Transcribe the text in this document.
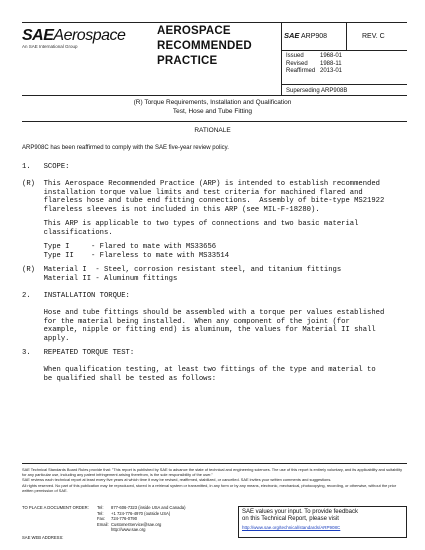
SAEAerospace
An SAE International Group
AEROSPACE
RECOMMENDED
PRACTICE
SAE ARP908	REV. C
Issued	1968-01
Revised 1988-11
Reaffirmed 2013-01
Superseding ARP908B
(R) Torque Requirements, Installation and Qualification
Test, Hose and Tube Fitting
RATIONALE
ARP908C has been reaffirmed to comply with the SAE five-year review policy.
1.   SCOPE:
(R)  This Aerospace Recommended Practice (ARP) is intended to establish recommended
installation torque value limits and test criteria for machined flared and
flareless hose and tube end fitting connections.  Assembly of bite-type MS21922
flareless sleeves is not included in this ARP (see MIL-F-18280).
This ARP is applicable to two types of connections and two basic material
classifications.
Type I     - Flared to mate with MS33656
Type II    - Flareless to mate with MS33514
(R)  Material I  - Steel, corrosion resistant steel, and titanium fittings
Material II - Aluminum fittings
2.   INSTALLATION TORQUE:
Hose and tube fittings should be assembled with a torque per values established
for the material being installed.  When any component of the joint (for
example, nipple or fitting end) is aluminum, the values for Material II shall
apply.
3.   REPEATED TORQUE TEST:
When qualification testing, at least two fittings of the type and material to
be qualified shall be tested as follows:
SAE Technical Standards Board Rules provide that: "This report is published by SAE to advance the state of technical and engineering sciences. The use of this report is entirely voluntary, and its applicability and suitability for any particular use, including any patent infringement arising therefrom, is the sole responsibility of the user."
SAE reviews each technical report at least every five years at which time it may be revised, reaffirmed, stabilized, or cancelled. SAE invites your written comments and suggestions.
All rights reserved. No part of this publication may be reproduced, stored in a retrieval system or transmitted, in any form or by any means, electronic, mechanical, photocopying, recording, or otherwise, without the prior written permission of SAE.
TO PLACE A DOCUMENT ORDER: Tel: 877-606-7323 (inside USA and Canada)
Tel: +1 724-776-4970 (outside USA)
Fax: 724-776-0790
Email: CustomerService@sae.org
http://www.sae.org
SAE values your input. To provide feedback
on this Technical Report, please visit
http://www.sae.org/technical/standards/ARP908C
SAE WEB ADDRESS:
